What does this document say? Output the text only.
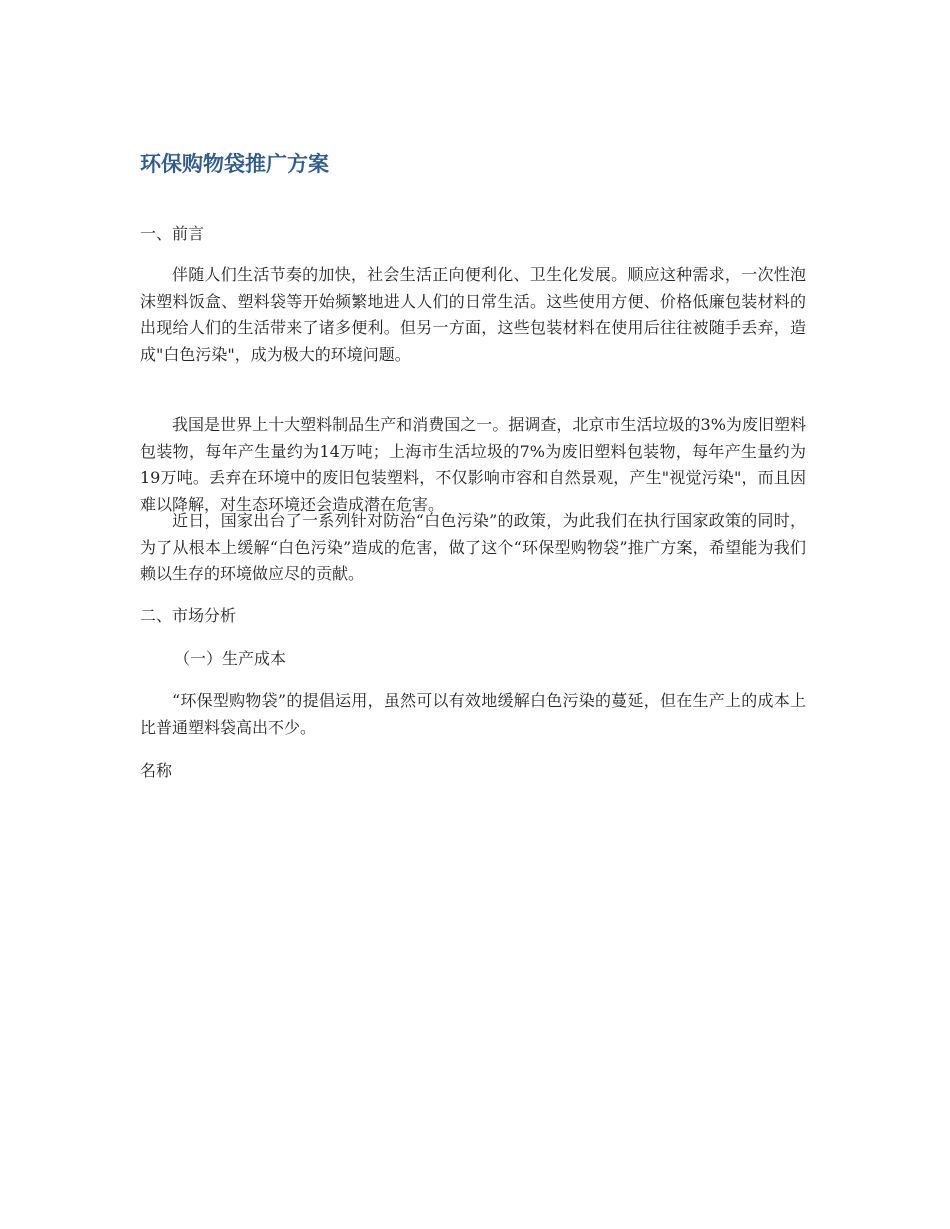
环保购物袋推广方案

一、前言

伴随人们生活节奏的加快，社会生活正向便利化、卫生化发展。顺应这种需求，一次性泡沫塑料饭盒、塑料袋等开始频繁地进人人们的日常生活。这些使用方便、价格低廉包装材料的出现给人们的生活带来了诸多便利。但另一方面，这些包装材料在使用后往往被随手丢弃，造成"白色污染"，成为极大的环境问题。

我国是世界上十大塑料制品生产和消费国之一。据调查，北京市生活垃圾的3%为废旧塑料包装物，每年产生量约为14万吨；上海市生活垃圾的7%为废旧塑料包装物，每年产生量约为19万吨。丢弃在环境中的废旧包装塑料，不仅影响市容和自然景观，产生"视觉污染"，而且因难以降解，对生态环境还会造成潜在危害。

近日，国家出台了一系列针对防治“白色污染”的政策，为此我们在执行国家政策的同时，为了从根本上缓解“白色污染”造成的危害，做了这个“环保型购物袋”推广方案，希望能为我们赖以生存的环境做应尽的贡献。

二、市场分析

（一）生产成本

“环保型购物袋”的提倡运用，虽然可以有效地缓解白色污染的蔓延，但在生产上的成本上比普通塑料袋高出不少。

名称
